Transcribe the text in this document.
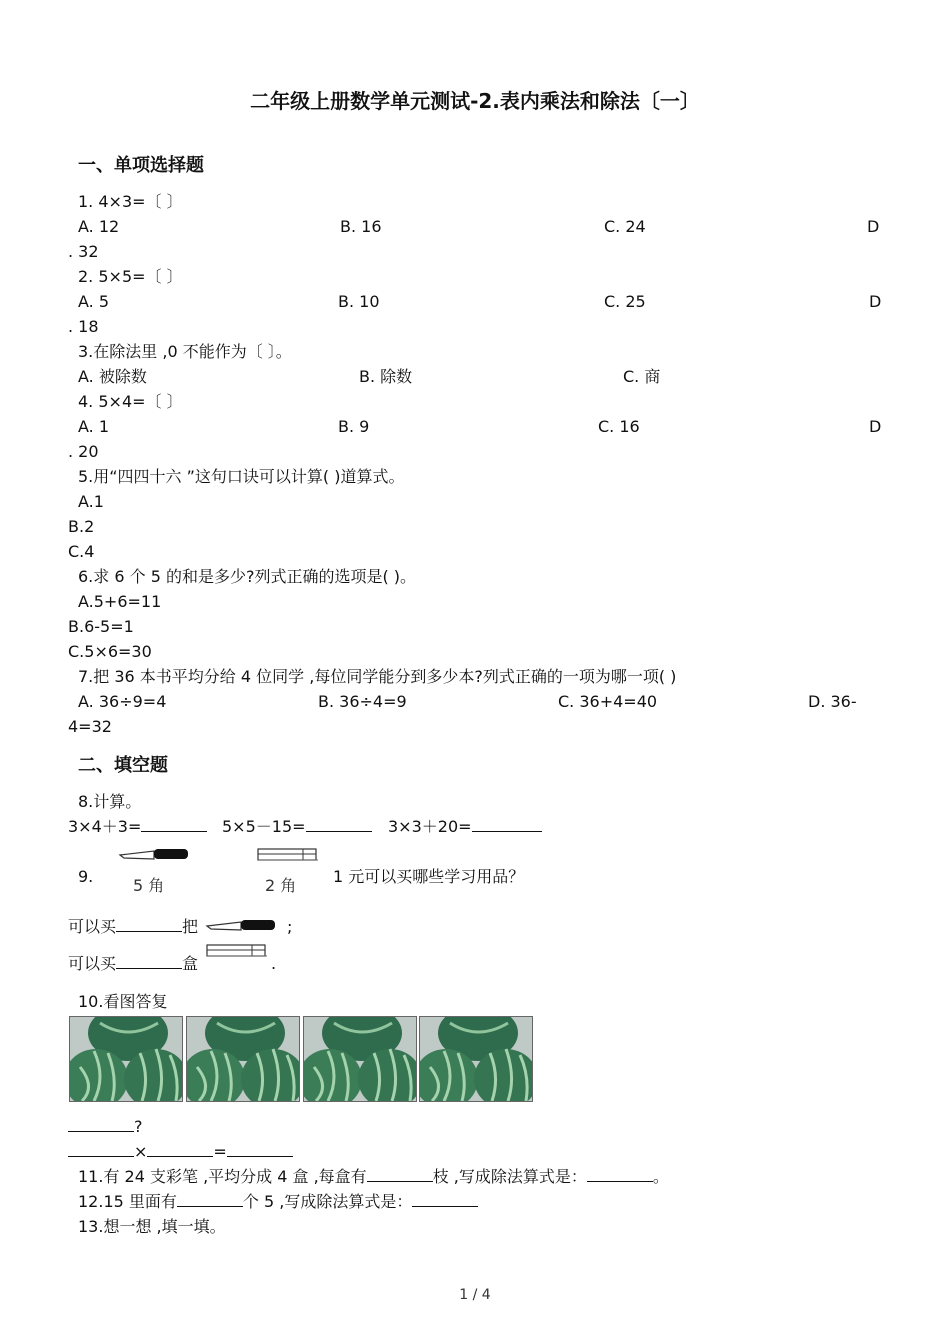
二年级上册数学单元测试-2.表内乘法和除法〔一〕
一、单项选择题
1. 4×3=〔 〕
A. 12	B. 16	C. 24	D
. 32
2. 5×5=〔 〕
A. 5	B. 10	C. 25	D
. 18
3.在除法里 ,0 不能作为〔 〕。
A. 被除数	B. 除数	C. 商
4. 5×4=〔 〕
A. 1	B. 9	C. 16	D
. 20
5.用“四四十六 ”这句口诀可以计算( )道算式。
A.1
B.2
C.4
6.求 6 个 5 的和是多少?列式正确的选项是( )。
A.5+6=11
B.6-5=1
C.5×6=30
7.把 36 本书平均分给 4 位同学 ,每位同学能分到多少本?列式正确的一项为哪一项( )
A. 36÷9=4	B. 36÷4=9	C. 36+4=40	D. 36-
4=32
二、填空题
8.计算。
3×4＋3=	5×5－15=	3×3＋20=
9. 5 角	2 角 1 元可以买哪些学习用品？
可以买	把	;
可以买	盒	.
10.看图答复
?
×	=
11.有 24 支彩笔 ,平均分成 4 盒 ,每盒有	枝 ,写成除法算式是：	。
12.15 里面有	个 5 ,写成除法算式是：
13.想一想 ,填一填。
1 / 4
